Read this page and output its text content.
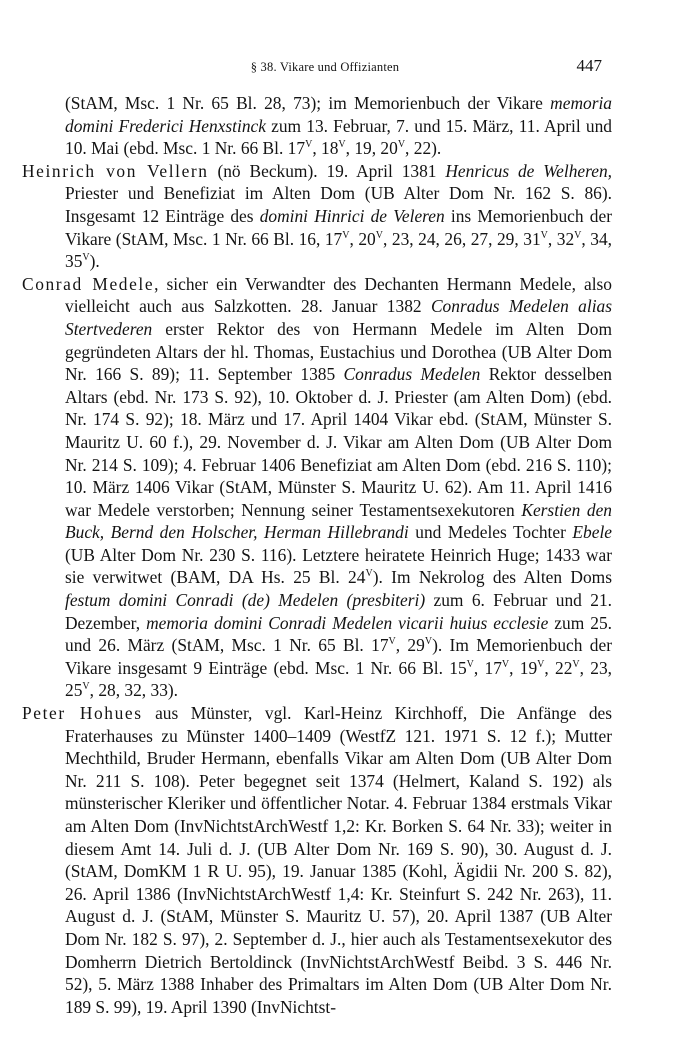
§ 38. Vikare und Offizianten	447

(StAM, Msc. 1 Nr. 65 Bl. 28, 73); im Memorienbuch der Vikare memoria domini Frederici Henxstinck zum 13. Februar, 7. und 15. März, 11. April und 10. Mai (ebd. Msc. 1 Nr. 66 Bl. $17^V$, $18^V$, 19, $20^V$, 22).

Heinrich von Vellern (nö Beckum). 19. April 1381 Henricus de Welheren, Priester und Benefiziat im Alten Dom (UB Alter Dom Nr. 162 S. 86). Insgesamt 12 Einträge des domini Hinrici de Veleren ins Memorienbuch der Vikare (StAM, Msc. 1 Nr. 66 Bl. 16, $17^V$, $20^V$, 23, 24, 26, 27, 29, $31^V$, $32^V$, 34, $35^V$).

Conrad Medele, sicher ein Verwandter des Dechanten Hermann Medele, also vielleicht auch aus Salzkotten. 28. Januar 1382 Conradus Medelen alias Stertvederen erster Rektor des von Hermann Medele im Alten Dom gegründeten Altars der hl. Thomas, Eustachius und Dorothea (UB Alter Dom Nr. 166 S. 89); 11. September 1385 Conradus Medelen Rektor desselben Altars (ebd. Nr. 173 S. 92), 10. Oktober d. J. Priester (am Alten Dom) (ebd. Nr. 174 S. 92); 18. März und 17. April 1404 Vikar ebd. (StAM, Münster S. Mauritz U. 60 f.), 29. November d. J. Vikar am Alten Dom (UB Alter Dom Nr. 214 S. 109); 4. Februar 1406 Benefiziat am Alten Dom (ebd. 216 S. 110); 10. März 1406 Vikar (StAM, Münster S. Mauritz U. 62). Am 11. April 1416 war Medele verstorben; Nennung seiner Testamentsexekutoren Kerstien den Buck, Bernd den Holscher, Herman Hillebrandi und Medeles Tochter Ebele (UB Alter Dom Nr. 230 S. 116). Letztere heiratete Heinrich Huge; 1433 war sie verwitwet (BAM, DA Hs. 25 Bl. $24^V$). Im Nekrolog des Alten Doms festum domini Conradi (de) Medelen (presbiteri) zum 6. Februar und 21. Dezember, memoria domini Conradi Medelen vicarii huius ecclesie zum 25. und 26. März (StAM, Msc. 1 Nr. 65 Bl. $17^V$, $29^V$). Im Memorienbuch der Vikare insgesamt 9 Einträge (ebd. Msc. 1 Nr. 66 Bl. $15^V$, $17^V$, $19^V$, $22^V$, 23, $25^V$, 28, 32, 33).

Peter Hohues aus Münster, vgl. Karl-Heinz Kirchhoff, Die Anfänge des Fraterhauses zu Münster 1400–1409 (WestfZ 121. 1971 S. 12 f.); Mutter Mechthild, Bruder Hermann, ebenfalls Vikar am Alten Dom (UB Alter Dom Nr. 211 S. 108). Peter begegnet seit 1374 (Helmert, Kaland S. 192) als münsterischer Kleriker und öffentlicher Notar. 4. Februar 1384 erstmals Vikar am Alten Dom (InvNichtstArchWestf 1,2: Kr. Borken S. 64 Nr. 33); weiter in diesem Amt 14. Juli d. J. (UB Alter Dom Nr. 169 S. 90), 30. August d. J. (StAM, DomKM 1 R U. 95), 19. Januar 1385 (Kohl, Ägidii Nr. 200 S. 82), 26. April 1386 (InvNichtstArchWestf 1,4: Kr. Steinfurt S. 242 Nr. 263), 11. August d. J. (StAM, Münster S. Mauritz U. 57), 20. April 1387 (UB Alter Dom Nr. 182 S. 97), 2. September d. J., hier auch als Testamentsexekutor des Domherrn Dietrich Bertoldinck (InvNichtstArchWestf Beibd. 3 S. 446 Nr. 52), 5. März 1388 Inhaber des Primaltars im Alten Dom (UB Alter Dom Nr. 189 S. 99), 19. April 1390 (InvNichtst-
